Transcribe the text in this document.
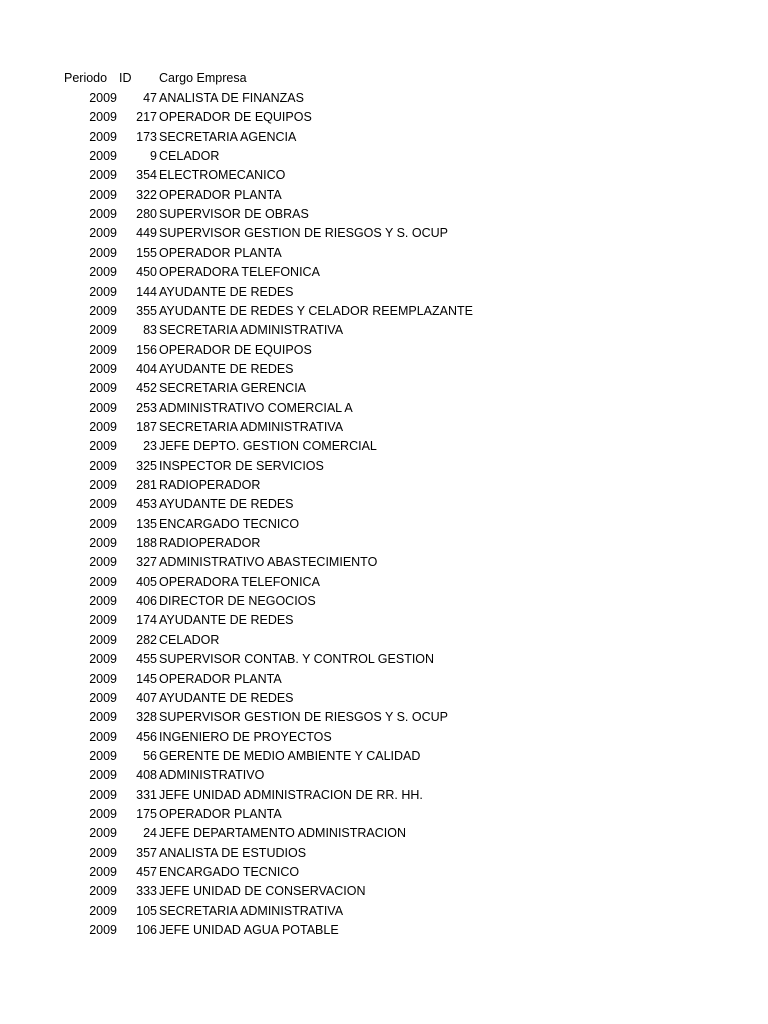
Periodo ID Cargo Empresa
2009	47 ANALISTA DE FINANZAS
2009	217 OPERADOR DE EQUIPOS
2009	173 SECRETARIA AGENCIA
2009	9 CELADOR
2009	354 ELECTROMECANICO
2009	322 OPERADOR PLANTA
2009	280 SUPERVISOR DE OBRAS
2009	449 SUPERVISOR GESTION DE RIESGOS Y S. OCUP
2009	155 OPERADOR PLANTA
2009	450 OPERADORA TELEFONICA
2009	144 AYUDANTE DE REDES
2009	355 AYUDANTE DE REDES Y CELADOR REEMPLAZANTE
2009	83 SECRETARIA ADMINISTRATIVA
2009	156 OPERADOR DE EQUIPOS
2009	404 AYUDANTE DE REDES
2009	452 SECRETARIA GERENCIA
2009	253 ADMINISTRATIVO COMERCIAL A
2009	187 SECRETARIA ADMINISTRATIVA
2009	23 JEFE DEPTO. GESTION COMERCIAL
2009	325 INSPECTOR DE SERVICIOS
2009	281 RADIOPERADOR
2009	453 AYUDANTE DE REDES
2009	135 ENCARGADO TECNICO
2009	188 RADIOPERADOR
2009	327 ADMINISTRATIVO ABASTECIMIENTO
2009	405 OPERADORA TELEFONICA
2009	406 DIRECTOR DE NEGOCIOS
2009	174 AYUDANTE DE REDES
2009	282 CELADOR
2009	455 SUPERVISOR CONTAB. Y CONTROL GESTION
2009	145 OPERADOR PLANTA
2009	407 AYUDANTE DE REDES
2009	328 SUPERVISOR GESTION DE RIESGOS Y S. OCUP
2009	456 INGENIERO DE PROYECTOS
2009	56 GERENTE DE MEDIO AMBIENTE Y CALIDAD
2009	408 ADMINISTRATIVO
2009	331 JEFE UNIDAD ADMINISTRACION DE RR. HH.
2009	175 OPERADOR PLANTA
2009	24 JEFE DEPARTAMENTO ADMINISTRACION
2009	357 ANALISTA DE ESTUDIOS
2009	457 ENCARGADO TECNICO
2009	333 JEFE UNIDAD DE CONSERVACION
2009	105 SECRETARIA ADMINISTRATIVA
2009	106 JEFE UNIDAD AGUA POTABLE
